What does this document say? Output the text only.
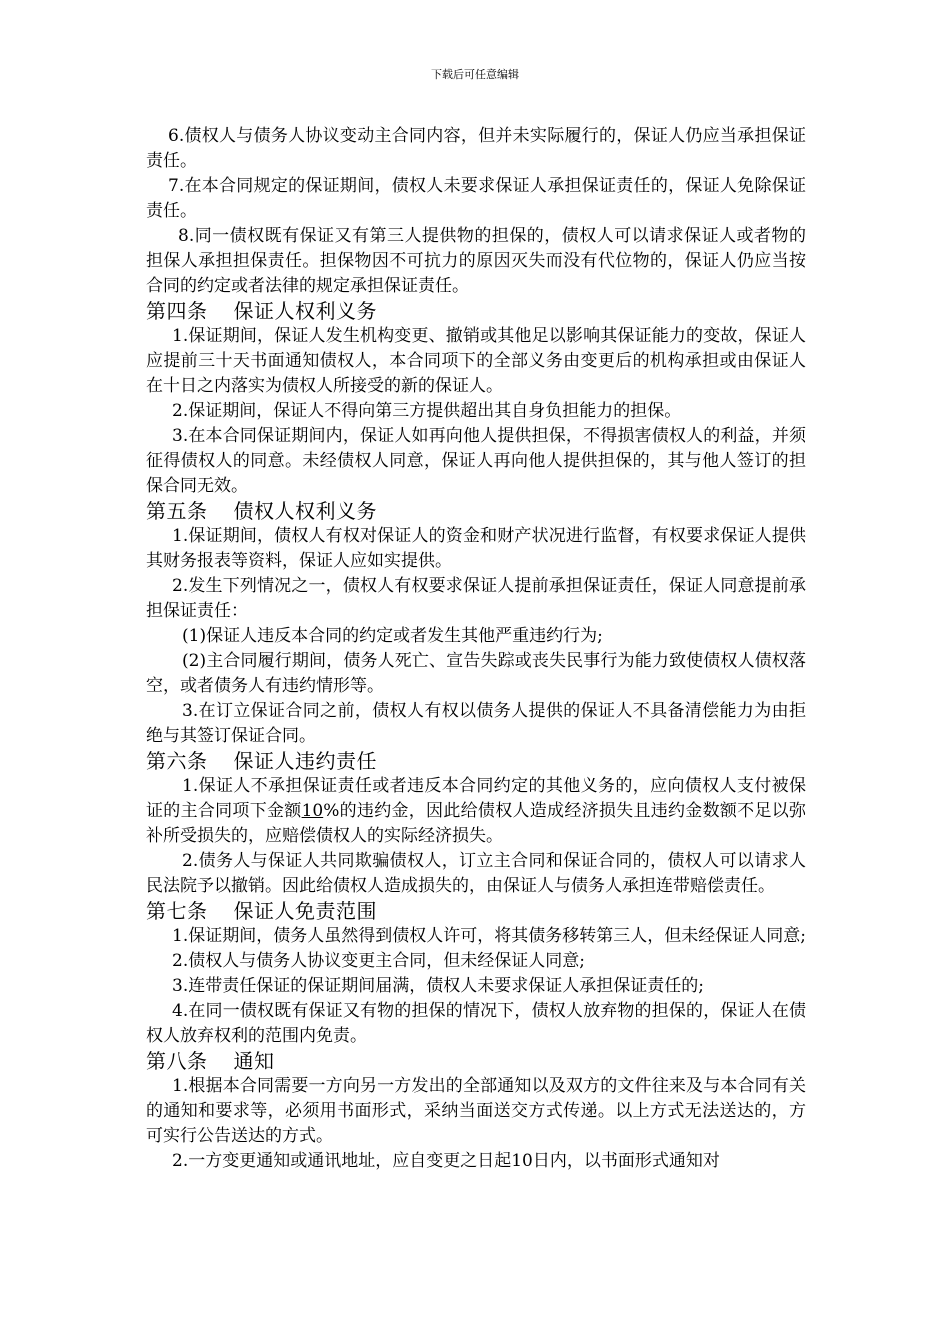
下载后可任意编辑
6.债权人与债务人协议变动主合同内容，但并未实际履行的，保证人仍应当承担保证责任。
7.在本合同规定的保证期间，债权人未要求保证人承担保证责任的，保证人免除保证责任。
8.同一债权既有保证又有第三人提供物的担保的，债权人可以请求保证人或者物的担保人承担担保责任。担保物因不可抗力的原因灭失而没有代位物的，保证人仍应当按合同的约定或者法律的规定承担保证责任。
第四条 保证人权利义务
1.保证期间，保证人发生机构变更、撤销或其他足以影响其保证能力的变故，保证人应提前三十天书面通知债权人，本合同项下的全部义务由变更后的机构承担或由保证人在十日之内落实为债权人所接受的新的保证人。
2.保证期间，保证人不得向第三方提供超出其自身负担能力的担保。
3.在本合同保证期间内，保证人如再向他人提供担保，不得损害债权人的利益，并须征得债权人的同意。未经债权人同意，保证人再向他人提供担保的，其与他人签订的担保合同无效。
第五条 债权人权利义务
1.保证期间，债权人有权对保证人的资金和财产状况进行监督，有权要求保证人提供其财务报表等资料，保证人应如实提供。
2.发生下列情况之一，债权人有权要求保证人提前承担保证责任，保证人同意提前承担保证责任：
(1)保证人违反本合同的约定或者发生其他严重违约行为;
(2)主合同履行期间，债务人死亡、宣告失踪或丧失民事行为能力致使债权人债权落空，或者债务人有违约情形等。
3.在订立保证合同之前，债权人有权以债务人提供的保证人不具备清偿能力为由拒绝与其签订保证合同。
第六条 保证人违约责任
1.保证人不承担保证责任或者违反本合同约定的其他义务的，应向债权人支付被保证的主合同项下金额10%的违约金，因此给债权人造成经济损失且违约金数额不足以弥补所受损失的，应赔偿债权人的实际经济损失。
2.债务人与保证人共同欺骗债权人，订立主合同和保证合同的，债权人可以请求人民法院予以撤销。因此给债权人造成损失的，由保证人与债务人承担连带赔偿责任。
第七条 保证人免责范围
1.保证期间，债务人虽然得到债权人许可，将其债务移转第三人，但未经保证人同意;
2.债权人与债务人协议变更主合同，但未经保证人同意;
3.连带责任保证的保证期间届满，债权人未要求保证人承担保证责任的;
4.在同一债权既有保证又有物的担保的情况下，债权人放弃物的担保的，保证人在债权人放弃权利的范围内免责。
第八条 通知
1.根据本合同需要一方向另一方发出的全部通知以及双方的文件往来及与本合同有关的通知和要求等，必须用书面形式，采纳当面送交方式传递。以上方式无法送达的，方可实行公告送达的方式。
2.一方变更通知或通讯地址，应自变更之日起10日内，以书面形式通知对
